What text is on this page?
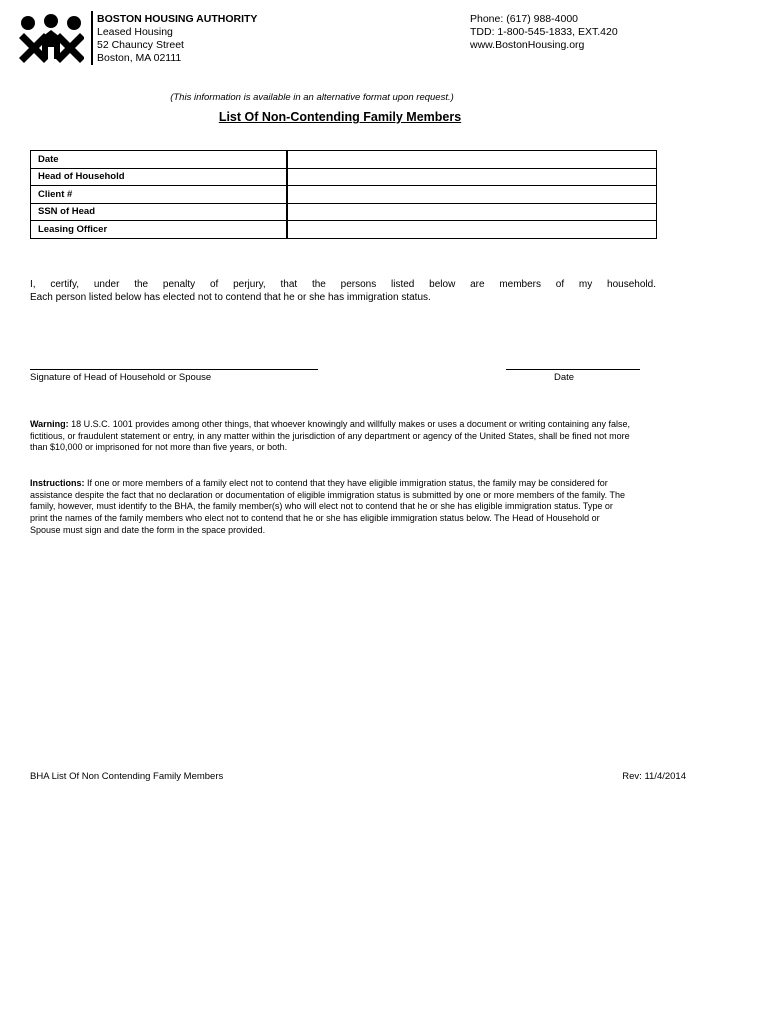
BOSTON HOUSING AUTHORITY
Leased Housing
52 Chauncy Street
Boston, MA 02111
Phone: (617) 988-4000
TDD: 1-800-545-1833, EXT.420
www.BostonHousing.org
(This information is available in an alternative format upon request.)
List Of Non-Contending Family Members
Date	
Head of Household	
Client #	
SSN of Head	
Leasing Officer	
I, certify, under the penalty of perjury, that the persons listed below are members of my household.
Each person listed below has elected not to contend that he or she has immigration status.
Signature of Head of Household or Spouse	Date
Warning: 18 U.S.C. 1001 provides among other things, that whoever knowingly and willfully makes or uses a document or writing containing any false, fictitious, or fraudulent statement or entry, in any matter within the jurisdiction of any department or agency of the United States, shall be fined not more than $10,000 or imprisoned for not more than five years, or both.
Instructions: If one or more members of a family elect not to contend that they have eligible immigration status, the family may be considered for assistance despite the fact that no declaration or documentation of eligible immigration status is submitted by one or more members of the family. The family, however, must identify to the BHA, the family member(s) who will elect not to contend that he or she has eligible immigration status. Type or print the names of the family members who elect not to contend that he or she has eligible immigration status below. The Head of Household or Spouse must sign and date the form in the space provided.
BHA List Of Non Contending Family Members	Rev: 11/4/2014
